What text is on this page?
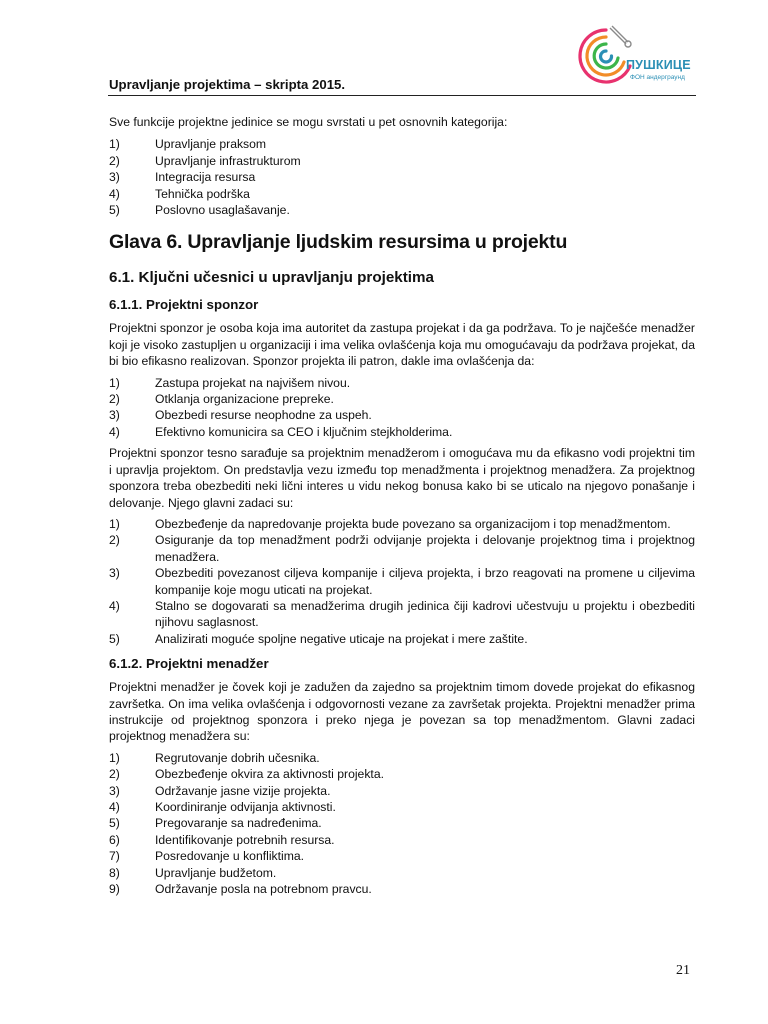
ПУШКИЦЕ
ФОН андерграунд
Upravljanje projektima – skripta 2015.

Sve funkcije projektne jedinice se mogu svrstati u pet osnovnih kategorija:

1)	Upravljanje praksom
2)	Upravljanje infrastrukturom
3)	Integracija resursa
4)	Tehnička podrška
5)	Poslovno usaglašavanje.
Glava 6. Upravljanje ljudskim resursima u projektu
6.1. Ključni učesnici u upravljanju projektima
6.1.1. Projektni sponzor

Projektni sponzor je osoba koja ima autoritet da zastupa projekat i da ga podržava. To je najčešće menadžer koji je visoko zastupljen u organizaciji i ima velika ovlašćenja koja mu omogućavaju da podržava projekat, da bi bio efikasno realizovan. Sponzor projekta ili patron, dakle ima ovlašćenja da:

1)	Zastupa projekat na najvišem nivou.
2)	Otklanja organizacione prepreke.
3)	Obezbedi resurse neophodne za uspeh.
4)	Efektivno komunicira sa CEO i ključnim stejkholderima.

Projektni sponzor tesno sarađuje sa projektnim menadžerom i omogućava mu da efikasno vodi projektni tim i upravlja projektom. On predstavlja vezu između top menadžmenta i projektnog menadžera. Za projektnog sponzora treba obezbediti neki lični interes u vidu nekog bonusa kako bi se uticalo na njegovo ponašanje i delovanje. Njego glavni zadaci su:

1)	Obezbeđenje da napredovanje projekta bude povezano sa organizacijom i top menadžmentom.
2)	Osiguranje da top menadžment podrži odvijanje projekta i delovanje projektnog tima i projektnog menadžera.
3)	Obezbediti povezanost ciljeva kompanije i ciljeva projekta, i brzo reagovati na promene u ciljevima kompanije koje mogu uticati na projekat.
4)	Stalno se dogovarati sa menadžerima drugih jedinica čiji kadrovi učestvuju u projektu i obezbediti njihovu saglasnost.
5)	Analizirati moguće spoljne negative uticaje na projekat i mere zaštite.
6.1.2. Projektni menadžer

Projektni menadžer je čovek koji je zadužen da zajedno sa projektnim timom dovede projekat do efikasnog završetka. On ima velika ovlašćenja i odgovornosti vezane za završetak projekta. Projektni menadžer prima instrukcije od projektnog sponzora i preko njega je povezan sa top menadžmentom. Glavni zadaci projektnog menadžera su:

1)	Regrutovanje dobrih učesnika.
2)	Obezbeđenje okvira za aktivnosti projekta.
3)	Održavanje jasne vizije projekta.
4)	Koordiniranje odvijanja aktivnosti.
5)	Pregovaranje sa nadređenima.
6)	Identifikovanje potrebnih resursa.
7)	Posredovanje u konfliktima.
8)	Upravljanje budžetom.
9)	Održavanje posla na potrebnom pravcu.
21
